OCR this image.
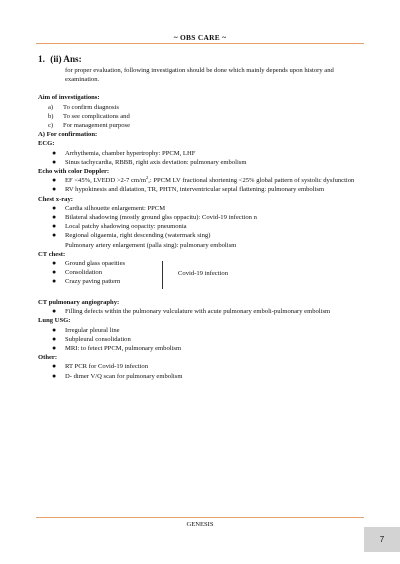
~ OBS CARE ~
1. (ii) Ans:
for proper evaluation, following investigation should be done which mainly depends upon history and examination.
Aim of investigations:
a)	To confirm diagnosis
b)	To see complications and
c)	For management purpose
A) For confirmation:
ECG:
●	Arrhythemia, chamber hypertrophy: PPCM, LHF
●	Sinus tachycardia, RBBB, right axis deviation: pulmonary embolism
Echo with color Doppler:
●	EF <45%, LVEDD >2-7 $cm/m^2$,: PPCM LV fractional shortening <25% global pattern of systolic dysfunction
●	RV hypokinesis and dilatation, TR, PHTN, interventricular septal flattening: pulmonary embolism
Chest x-ray:
●	Cardia silhouette enlargement: PPCM
●	Bilateral shadowing (mostly ground glss oppacitu): Covid-19 infection n
●	Local patchy shadowing oopacity: pneumonia
●	Regional oligaemia, right descending (watermark sing)
Pulmonary artery enlargement (palla sing): pulmonary embolism
CT chest:
●	Ground glass opaeities
●	Consolidation
●	Crazy paving pattern
Covid-19 infection
CT pulmonary angiography:
●	Filling defects within the pulmonary vulculature with acute pulmonary emboli-pulmonary embolism
Lung USG:
●	Irregular pleural line
●	Subpleural consolidation
●	MRI: to fetect PPCM, pulmonary embolism
Other:
●	RT PCR for Covid-19 infection
●	D- dimer V/Q scan for pulmonary embolism
GENESIS
7
